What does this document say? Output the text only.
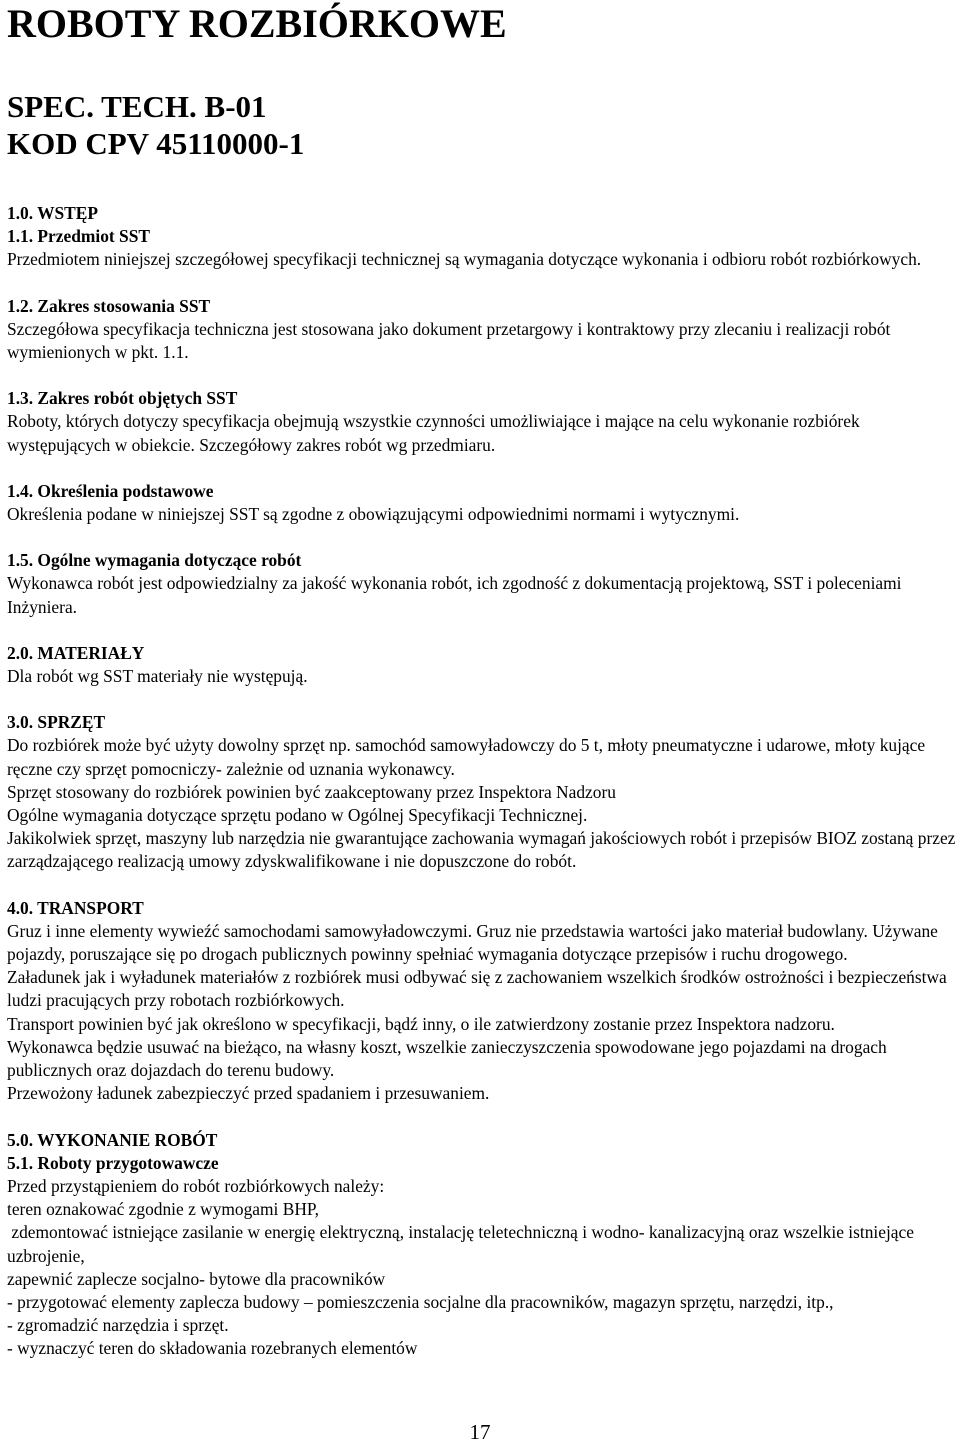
ROBOTY ROZBIÓRKOWE
SPEC. TECH. B-01
KOD CPV 45110000-1
1.0. WSTĘP
1.1. Przedmiot SST
Przedmiotem niniejszej szczegółowej specyfikacji technicznej są wymagania dotyczące wykonania i odbioru robót rozbiórkowych.
1.2. Zakres stosowania SST
Szczegółowa specyfikacja techniczna jest stosowana jako dokument przetargowy i kontraktowy przy zlecaniu i realizacji robót wymienionych w pkt. 1.1.
1.3. Zakres robót objętych SST
Roboty, których dotyczy specyfikacja obejmują wszystkie czynności umożliwiające i mające na celu wykonanie rozbiórek występujących w obiekcie. Szczegółowy zakres robót wg przedmiaru.
1.4. Określenia podstawowe
Określenia podane w niniejszej SST są zgodne z obowiązującymi odpowiednimi normami i wytycznymi.
1.5. Ogólne wymagania dotyczące robót
Wykonawca robót jest odpowiedzialny za jakość wykonania robót, ich zgodność z dokumentacją projektową, SST i poleceniami Inżyniera.
2.0. MATERIAŁY
Dla robót wg SST materiały nie występują.
3.0. SPRZĘT
Do rozbiórek może być użyty dowolny sprzęt np. samochód samowyładowczy do 5 t, młoty pneumatyczne i udarowe, młoty kujące ręczne czy sprzęt pomocniczy- zależnie od uznania wykonawcy.
Sprzęt stosowany do rozbiórek powinien być zaakceptowany przez Inspektora Nadzoru
Ogólne wymagania dotyczące sprzętu podano w Ogólnej Specyfikacji Technicznej.
Jakikolwiek sprzęt, maszyny lub narzędzia nie gwarantujące zachowania wymagań jakościowych robót i przepisów BIOZ zostaną przez zarządzającego realizacją umowy zdyskwalifikowane i nie dopuszczone do robót.
4.0. TRANSPORT
Gruz i inne elementy wywieźć samochodami samowyładowczymi. Gruz nie przedstawia wartości jako materiał budowlany. Używane pojazdy, poruszające się po drogach publicznych powinny spełniać wymagania dotyczące przepisów i ruchu drogowego.
Załadunek jak i wyładunek materiałów z rozbiórek musi odbywać się z zachowaniem wszelkich środków ostrożności i bezpieczeństwa ludzi pracujących przy robotach rozbiórkowych.
Transport powinien być jak określono w specyfikacji, bądź inny, o ile zatwierdzony zostanie przez Inspektora nadzoru.
Wykonawca będzie usuwać na bieżąco, na własny koszt, wszelkie zanieczyszczenia spowodowane jego pojazdami na drogach publicznych oraz dojazdach do terenu budowy.
Przewożony ładunek zabezpieczyć przed spadaniem i przesuwaniem.
5.0. WYKONANIE ROBÓT
5.1. Roboty przygotowawcze
Przed przystąpieniem do robót rozbiórkowych należy:
teren oznakować zgodnie z wymogami BHP,
zdemontować istniejące zasilanie w energię elektryczną, instalację teletechniczną i wodno- kanalizacyjną oraz wszelkie istniejące uzbrojenie,
zapewnić zaplecze socjalno- bytowe dla pracowników
- przygotować elementy zaplecza budowy – pomieszczenia socjalne dla pracowników, magazyn sprzętu, narzędzi, itp.,
- zgromadzić narzędzia i sprzęt.
- wyznaczyć teren do składowania rozebranych elementów
17
